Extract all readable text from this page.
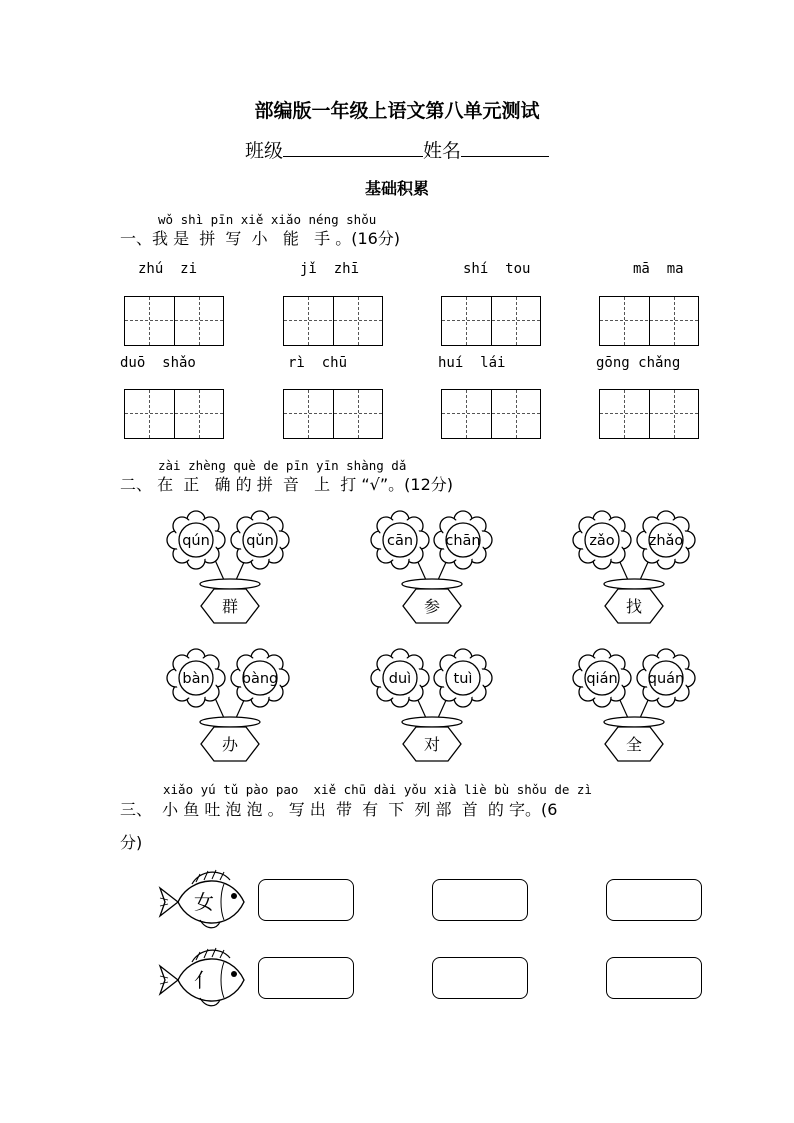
部编版一年级上语文第八单元测试
班级	姓名
基础积累
wǒ shì pīn xiě xiǎo néng shǒu
一、我 是  拼  写  小   能   手 。(16分)
zhú  zi	jǐ  zhī	shí  tou	mā  ma
duō  shǎo	rì  chū	huí  lái	gōng chǎng
zài zhèng què de pīn yīn shàng dǎ
二、 在  正   确 的 拼  音   上  打 “√”。(12分)
qún	qǔn
群
cān chān
参
zǎo zhǎo
找
bàn bàng
办
duì	tuì
对
qián quán
全
女
亻
xiǎo yú tǔ pào pao  xiě chū dài yǒu xià liè bù shǒu de zì
三、  小 鱼 吐 泡 泡 。 写 出  带  有  下  列 部  首  的 字。(6
分)
